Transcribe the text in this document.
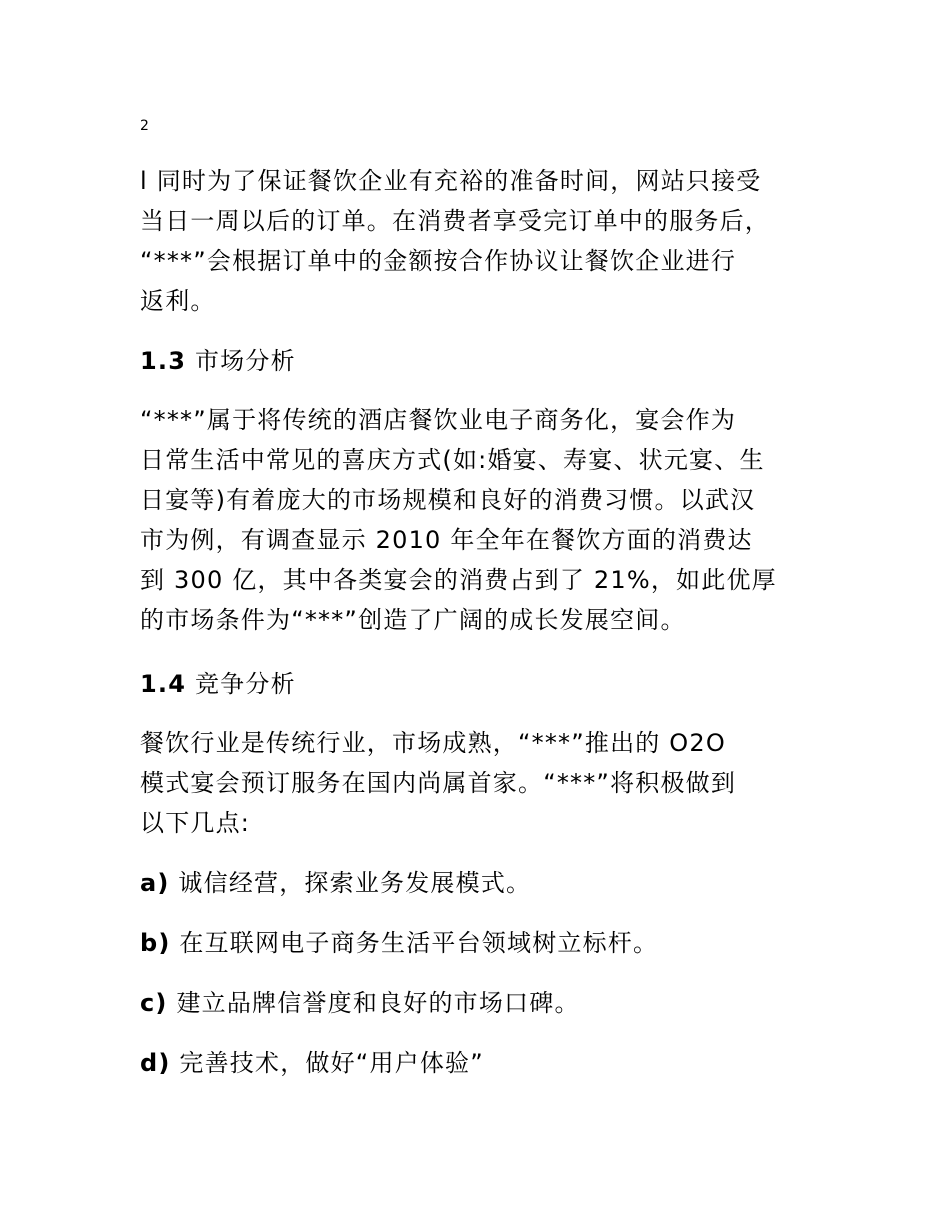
2
l 同时为了保证餐饮企业有充裕的准备时间，网站只接受
当日一周以后的订单。在消费者享受完订单中的服务后，
“***”会根据订单中的金额按合作协议让餐饮企业进行
返利。
1.3 市场分析
“***”属于将传统的酒店餐饮业电子商务化，宴会作为
日常生活中常见的喜庆方式(如:婚宴、寿宴、状元宴、生
日宴等)有着庞大的市场规模和良好的消费习惯。以武汉
市为例，有调查显示 2010 年全年在餐饮方面的消费达
到 300 亿，其中各类宴会的消费占到了 21%，如此优厚
的市场条件为“***”创造了广阔的成长发展空间。
1.4 竞争分析
餐饮行业是传统行业，市场成熟，“***”推出的 O2O
模式宴会预订服务在国内尚属首家。“***”将积极做到
以下几点:
a) 诚信经营，探索业务发展模式。
b) 在互联网电子商务生活平台领域树立标杆。
c) 建立品牌信誉度和良好的市场口碑。
d) 完善技术，做好“用户体验”
